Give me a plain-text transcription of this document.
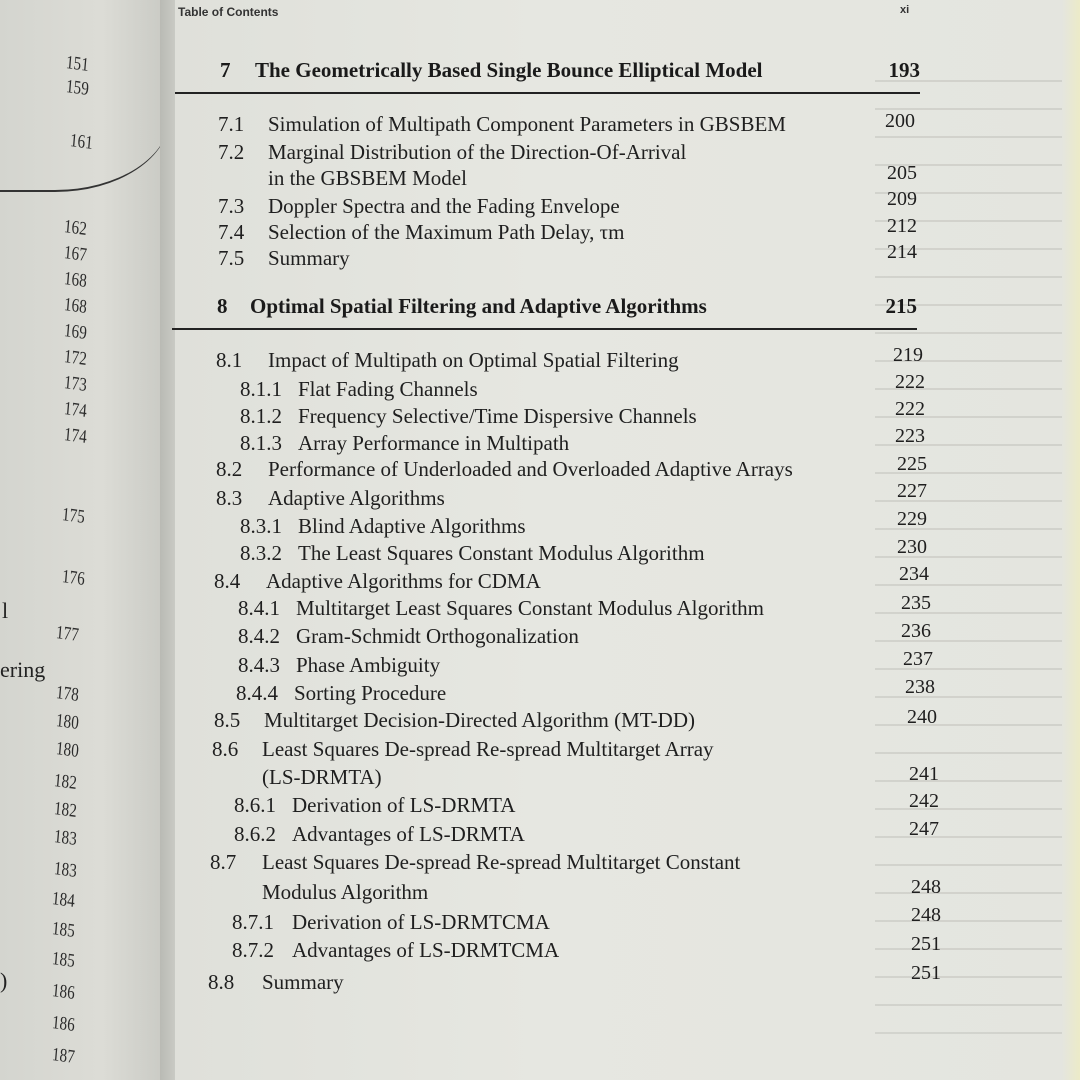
151
159
161
162
167
168
168
169
172
173
174
174
175
176
177
178
180
180
182
182
183
183
184
185
185
186
186
187
l
ering
)
Table of Contents	xi
7 The Geometrically Based Single Bounce Elliptical Model	193
7.1 Simulation of Multipath Component Parameters in GBSBEM	200
7.2 Marginal Distribution of the Direction-Of-Arrival
in the GBSBEM Model	205
7.3 Doppler Spectra and the Fading Envelope	209
7.4 Selection of the Maximum Path Delay, τm	212
7.5 Summary	214
8 Optimal Spatial Filtering and Adaptive Algorithms	215
8.1 Impact of Multipath on Optimal Spatial Filtering	219
8.1.1 Flat Fading Channels	222
8.1.2 Frequency Selective/Time Dispersive Channels	222
8.1.3 Array Performance in Multipath	223
8.2 Performance of Underloaded and Overloaded Adaptive Arrays	225
8.3 Adaptive Algorithms	227
8.3.1 Blind Adaptive Algorithms	229
8.3.2 The Least Squares Constant Modulus Algorithm	230
8.4 Adaptive Algorithms for CDMA	234
8.4.1 Multitarget Least Squares Constant Modulus Algorithm	235
8.4.2 Gram-Schmidt Orthogonalization	236
8.4.3 Phase Ambiguity	237
8.4.4 Sorting Procedure	238
8.5 Multitarget Decision-Directed Algorithm (MT-DD)	240
8.6 Least Squares De-spread Re-spread Multitarget Array
(LS-DRMTA)	241
8.6.1 Derivation of LS-DRMTA	242
8.6.2 Advantages of LS-DRMTA	247
8.7 Least Squares De-spread Re-spread Multitarget Constant
Modulus Algorithm	248
8.7.1 Derivation of LS-DRMTCMA	248
8.7.2 Advantages of LS-DRMTCMA	251
8.8 Summary	251
